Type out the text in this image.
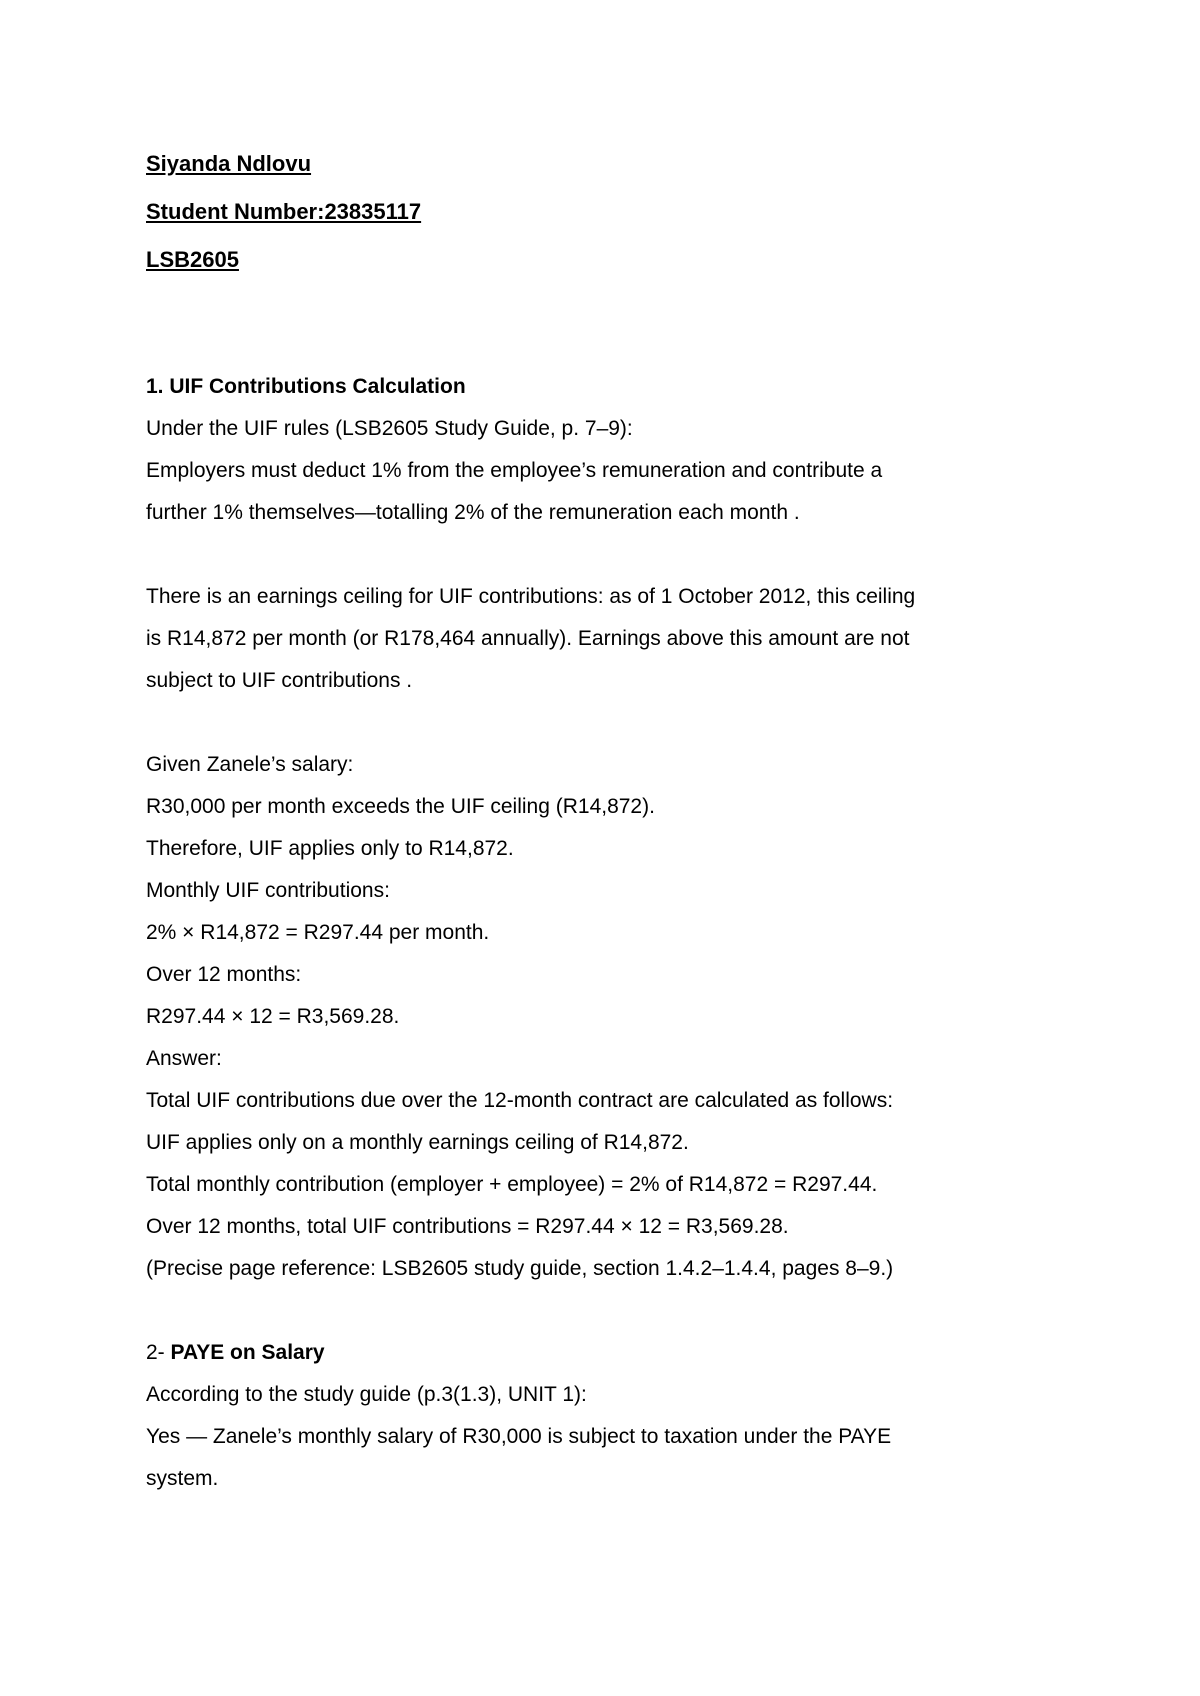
Siyanda Ndlovu

Student Number:23835117

LSB2605

1. UIF Contributions Calculation

Under the UIF rules (LSB2605 Study Guide, p. 7–9):

Employers must deduct 1% from the employee’s remuneration and contribute a

further 1% themselves—totalling 2% of the remuneration each month .

There is an earnings ceiling for UIF contributions: as of 1 October 2012, this ceiling

is R14,872 per month (or R178,464 annually). Earnings above this amount are not

subject to UIF contributions .

Given Zanele’s salary:

R30,000 per month exceeds the UIF ceiling (R14,872).

Therefore, UIF applies only to R14,872.

Monthly UIF contributions:

2% × R14,872 = R297.44 per month.

Over 12 months:

R297.44 × 12 = R3,569.28.

Answer:

Total UIF contributions due over the 12-month contract are calculated as follows:

UIF applies only on a monthly earnings ceiling of R14,872.

Total monthly contribution (employer + employee) = 2% of R14,872 = R297.44.

Over 12 months, total UIF contributions = R297.44 × 12 = R3,569.28.

(Precise page reference: LSB2605 study guide, section 1.4.2–1.4.4, pages 8–9.)

2- PAYE on Salary

According to the study guide (p.3(1.3), UNIT 1):

Yes — Zanele’s monthly salary of R30,000 is subject to taxation under the PAYE

system.
